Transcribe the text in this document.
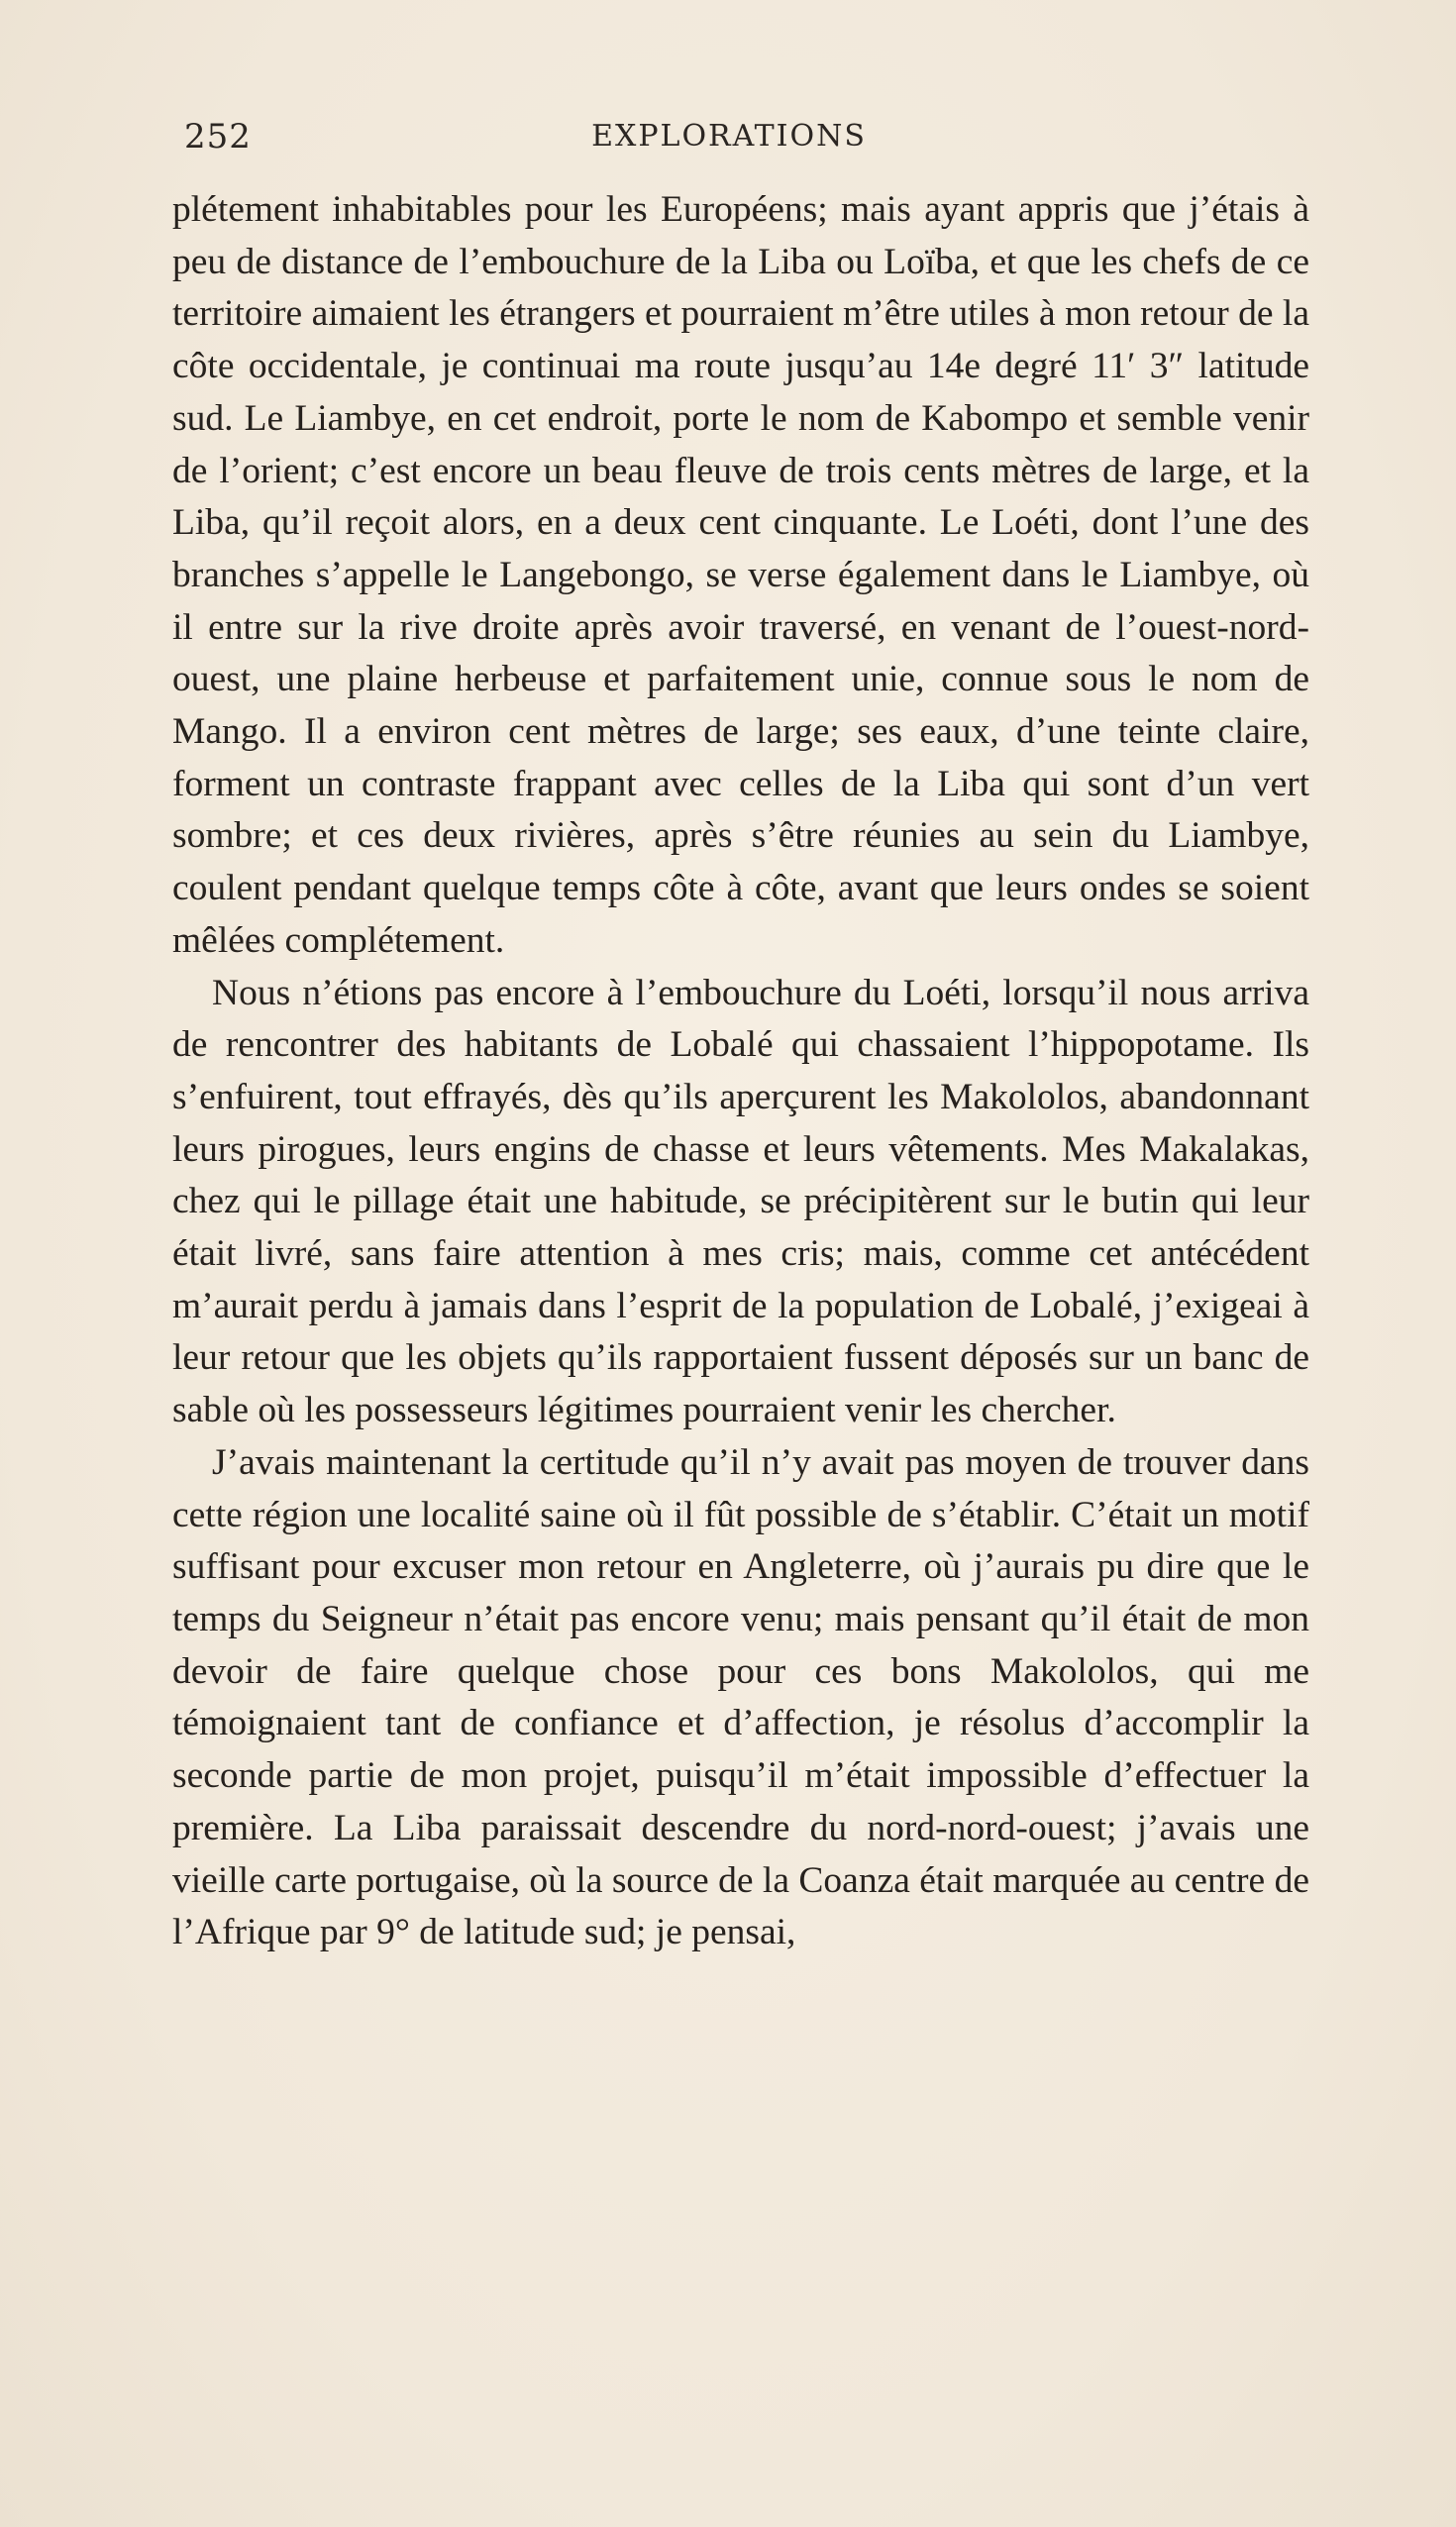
252	EXPLORATIONS

plétement inhabitables pour les Européens; mais ayant appris que j’étais à peu de distance de l’embouchure de la Liba ou Loïba, et que les chefs de ce territoire aimaient les étrangers et pourraient m’être utiles à mon retour de la côte occidentale, je continuai ma route jusqu’au 14e degré 11′ 3″ latitude sud. Le Liambye, en cet endroit, porte le nom de Kabompo et semble venir de l’orient; c’est encore un beau fleuve de trois cents mètres de large, et la Liba, qu’il reçoit alors, en a deux cent cinquante. Le Loéti, dont l’une des branches s’appelle le Langebongo, se verse également dans le Liambye, où il entre sur la rive droite après avoir traversé, en venant de l’ouest-nord-ouest, une plaine herbeuse et parfaitement unie, connue sous le nom de Mango. Il a environ cent mètres de large; ses eaux, d’une teinte claire, forment un contraste frappant avec celles de la Liba qui sont d’un vert sombre; et ces deux rivières, après s’être réunies au sein du Liambye, coulent pendant quelque temps côte à côte, avant que leurs ondes se soient mêlées complétement.

Nous n’étions pas encore à l’embouchure du Loéti, lorsqu’il nous arriva de rencontrer des habitants de Lobalé qui chassaient l’hippopotame. Ils s’enfuirent, tout effrayés, dès qu’ils aperçurent les Makololos, abandonnant leurs pirogues, leurs engins de chasse et leurs vêtements. Mes Makalakas, chez qui le pillage était une habitude, se précipitèrent sur le butin qui leur était livré, sans faire attention à mes cris; mais, comme cet antécédent m’aurait perdu à jamais dans l’esprit de la population de Lobalé, j’exigeai à leur retour que les objets qu’ils rapportaient fussent déposés sur un banc de sable où les possesseurs légitimes pourraient venir les chercher.

J’avais maintenant la certitude qu’il n’y avait pas moyen de trouver dans cette région une localité saine où il fût possible de s’établir. C’était un motif suffisant pour excuser mon retour en Angleterre, où j’aurais pu dire que le temps du Seigneur n’était pas encore venu; mais pensant qu’il était de mon devoir de faire quelque chose pour ces bons Makololos, qui me témoignaient tant de confiance et d’affection, je résolus d’accomplir la seconde partie de mon projet, puisqu’il m’était impossible d’effectuer la première. La Liba paraissait descendre du nord-nord-ouest; j’avais une vieille carte portugaise, où la source de la Coanza était marquée au centre de l’Afrique par 9° de latitude sud; je pensai,
